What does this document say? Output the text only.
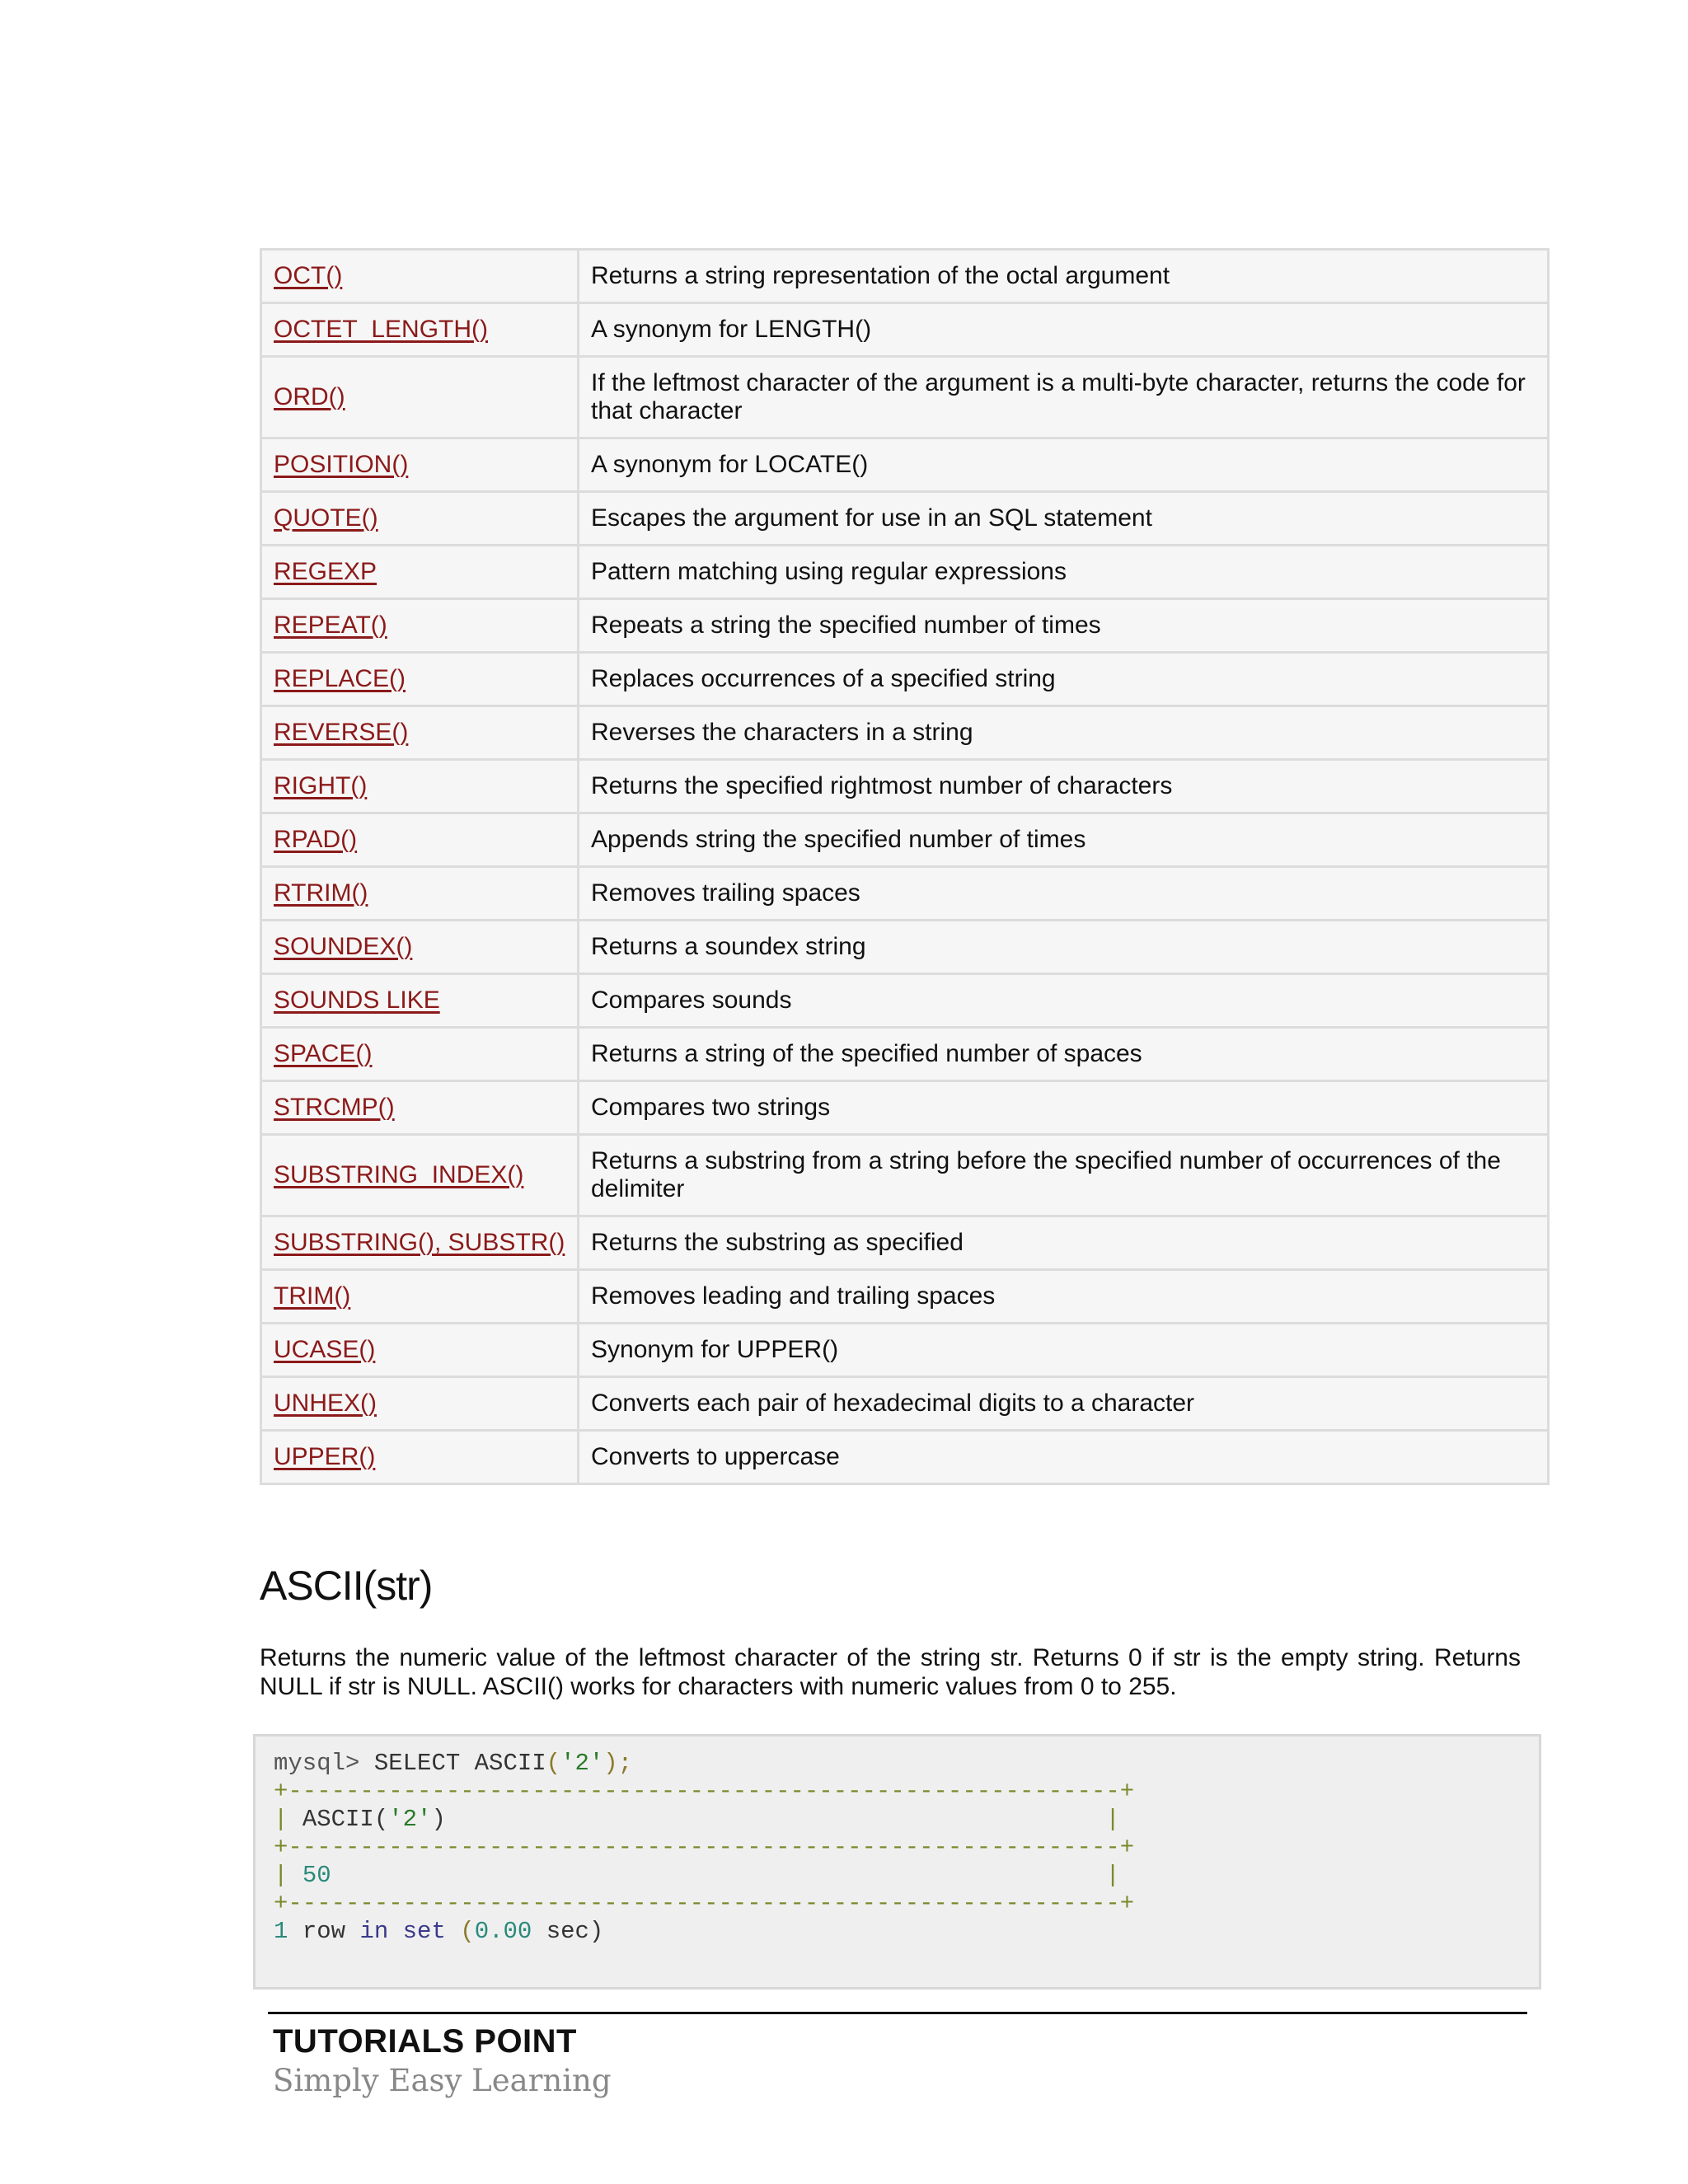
OCT()	Returns a string representation of the octal argument
OCTET_LENGTH()	A synonym for LENGTH()
ORD()	If the leftmost character of the argument is a multi-byte character, returns the code for that character
POSITION()	A synonym for LOCATE()
QUOTE()	Escapes the argument for use in an SQL statement
REGEXP	Pattern matching using regular expressions
REPEAT()	Repeats a string the specified number of times
REPLACE()	Replaces occurrences of a specified string
REVERSE()	Reverses the characters in a string
RIGHT()	Returns the specified rightmost number of characters
RPAD()	Appends string the specified number of times
RTRIM()	Removes trailing spaces
SOUNDEX()	Returns a soundex string
SOUNDS LIKE	Compares sounds
SPACE()	Returns a string of the specified number of spaces
STRCMP()	Compares two strings
SUBSTRING_INDEX()	Returns a substring from a string before the specified number of occurrences of the delimiter
SUBSTRING(), SUBSTR()	Returns the substring as specified
TRIM()	Removes leading and trailing spaces
UCASE()	Synonym for UPPER()
UNHEX()	Converts each pair of hexadecimal digits to a character
UPPER()	Converts to uppercase
ASCII(str)

Returns the numeric value of the leftmost character of the string str. Returns 0 if str is the empty string. Returns NULL if str is NULL. ASCII() works for characters with numeric values from 0 to 255.

mysql> SELECT ASCII('2');
+----------------------------------------------------------+
| ASCII('2')	|
+----------------------------------------------------------+
| 50	|
+----------------------------------------------------------+
1 row in set (0.00 sec)
TUTORIALS POINT
Simply Easy Learning
